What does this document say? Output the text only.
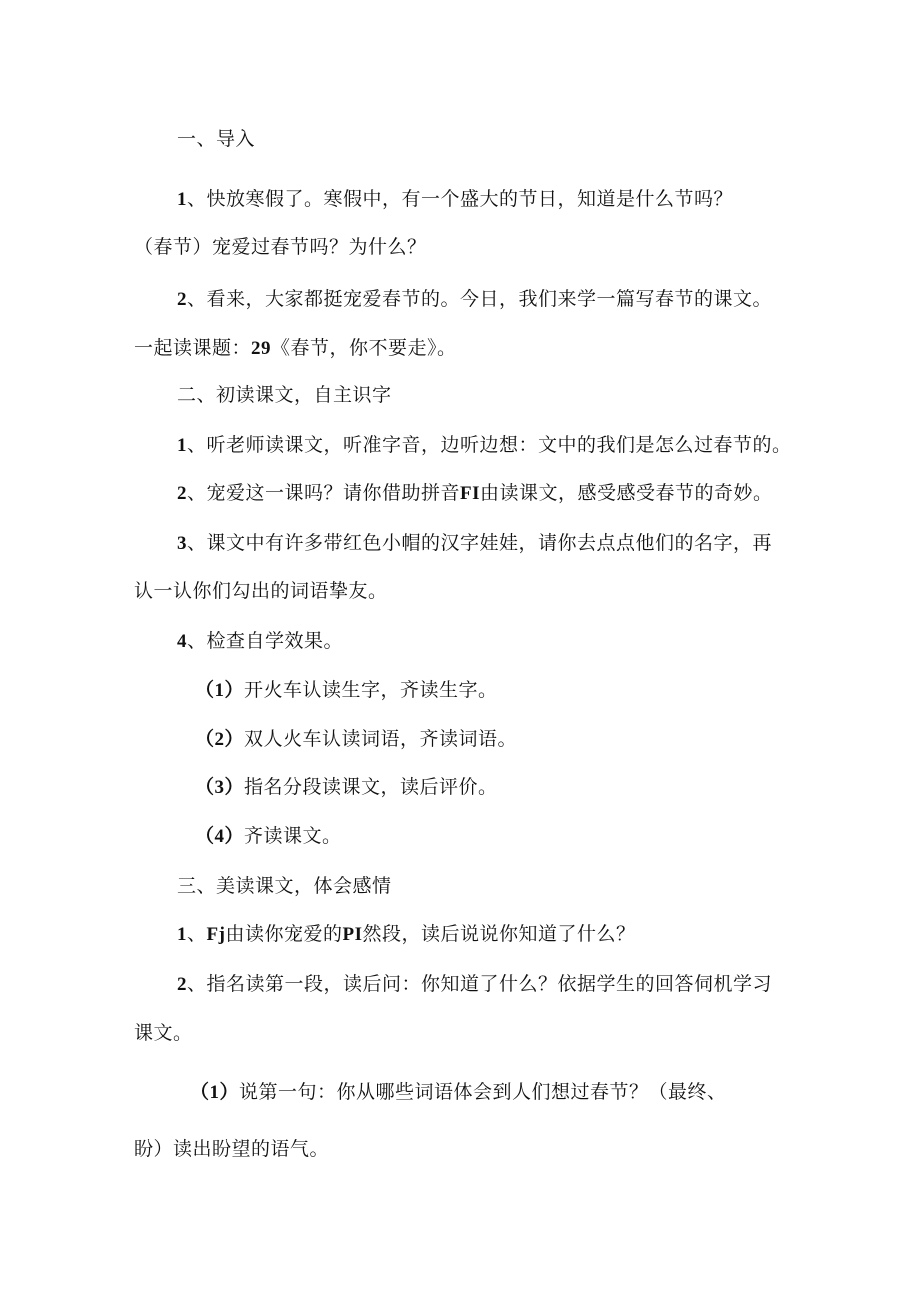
一、导入
1、快放寒假了。寒假中，有一个盛大的节日，知道是什么节吗？
（春节）宠爱过春节吗？为什么？
2、看来，大家都挺宠爱春节的。今日，我们来学一篇写春节的课文。
一起读课题：29《春节，你不要走》。
二、初读课文，自主识字
1、听老师读课文，听准字音，边听边想：文中的我们是怎么过春节的。
2、宠爱这一课吗？请你借助拼音FI由读课文，感受感受春节的奇妙。
3、课文中有许多带红色小帽的汉字娃娃，请你去点点他们的名字，再
认一认你们勾出的词语挚友。
4、检查自学效果。
（1）开火车认读生字，齐读生字。
（2）双人火车认读词语，齐读词语。
（3）指名分段读课文，读后评价。
（4）齐读课文。
三、美读课文，体会感情
1、Fj由读你宠爱的PI然段，读后说说你知道了什么？
2、指名读第一段，读后问：你知道了什么？依据学生的回答伺机学习
课文。
（1）说第一句：你从哪些词语体会到人们想过春节？（最终、
盼）读出盼望的语气。
